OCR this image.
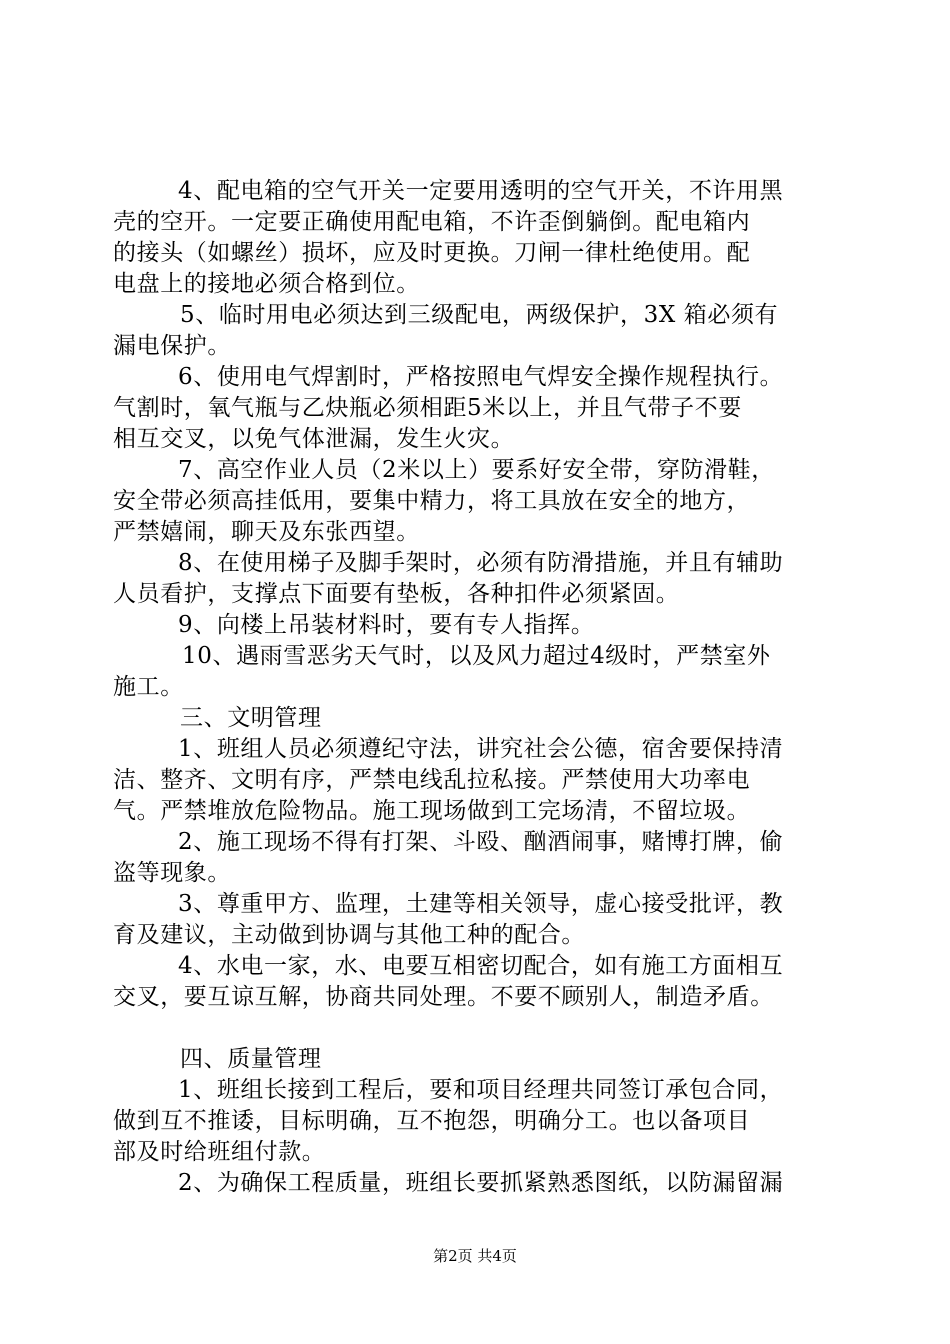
4、配电箱的空气开关一定要用透明的空气开关，不许用黑
壳的空开。一定要正确使用配电箱，不许歪倒躺倒。配电箱内
的接头（如螺丝）损坏，应及时更换。刀闸一律杜绝使用。配
电盘上的接地必须合格到位。
5、临时用电必须达到三级配电，两级保护，3X 箱必须有
漏电保护。
6、使用电气焊割时，严格按照电气焊安全操作规程执行。
气割时，氧气瓶与乙炔瓶必须相距5米以上，并且气带子不要
相互交叉，以免气体泄漏，发生火灾。
7、高空作业人员（2米以上）要系好安全带，穿防滑鞋，
安全带必须高挂低用，要集中精力，将工具放在安全的地方，
严禁嬉闹，聊天及东张西望。
8、在使用梯子及脚手架时，必须有防滑措施，并且有辅助
人员看护，支撑点下面要有垫板，各种扣件必须紧固。
9、向楼上吊装材料时，要有专人指挥。
10、遇雨雪恶劣天气时，以及风力超过4级时，严禁室外
施工。
三、文明管理
1、班组人员必须遵纪守法，讲究社会公德，宿舍要保持清
洁、整齐、文明有序，严禁电线乱拉私接。严禁使用大功率电
气。严禁堆放危险物品。施工现场做到工完场清，不留垃圾。
2、施工现场不得有打架、斗殴、酗酒闹事，赌博打牌，偷
盗等现象。
3、尊重甲方、监理，土建等相关领导，虚心接受批评，教
育及建议，主动做到协调与其他工种的配合。
4、水电一家，水、电要互相密切配合，如有施工方面相互
交叉，要互谅互解，协商共同处理。不要不顾别人，制造矛盾。
四、质量管理
1、班组长接到工程后，要和项目经理共同签订承包合同，
做到互不推诿，目标明确，互不抱怨，明确分工。也以备项目
部及时给班组付款。
2、为确保工程质量，班组长要抓紧熟悉图纸，以防漏留漏
第2页 共4页
